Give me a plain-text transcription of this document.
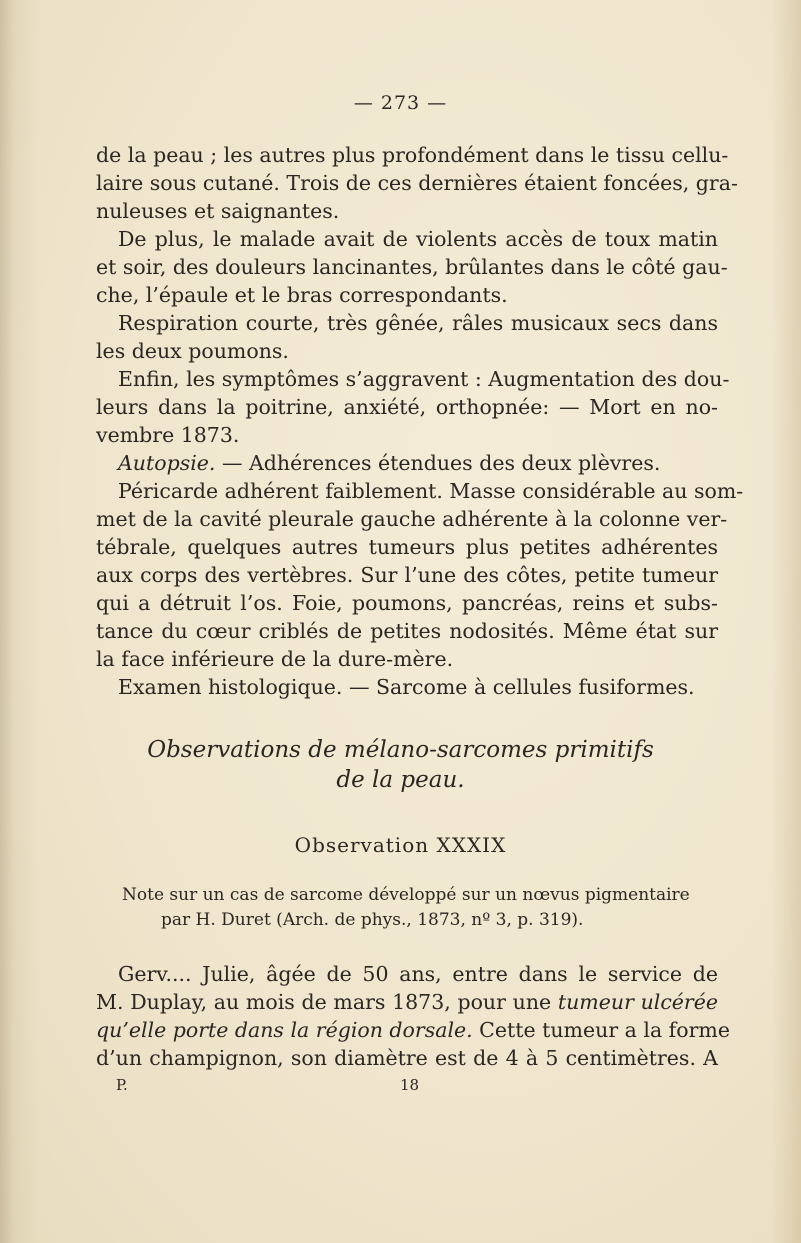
— 273 —
de la peau ; les autres plus profondément dans le tissu cellu-
laire sous cutané. Trois de ces dernières étaient foncées, gra-
nuleuses et saignantes.
De plus, le malade avait de violents accès de toux matin
et soir, des douleurs lancinantes, brûlantes dans le côté gau-
che, l’épaule et le bras correspondants.
Respiration courte, très gênée, râles musicaux secs dans
les deux poumons.
Enfin, les symptômes s’aggravent : Augmentation des dou-
leurs dans la poitrine, anxiété, orthopnée: — Mort en no-
vembre 1873.
Autopsie. — Adhérences étendues des deux plèvres.
Péricarde adhérent faiblement. Masse considérable au som-
met de la cavité pleurale gauche adhérente à la colonne ver-
tébrale, quelques autres tumeurs plus petites adhérentes
aux corps des vertèbres. Sur l’une des côtes, petite tumeur
qui a détruit l’os. Foie, poumons, pancréas, reins et subs-
tance du cœur criblés de petites nodosités. Même état sur
la face inférieure de la dure-mère.
Examen histologique. — Sarcome à cellules fusiformes.
Observations de mélano-sarcomes primitifs
de la peau.
Observation XXXIX
Note sur un cas de sarcome développé sur un nœvus pigmentaire
par H. Duret (Arch. de phys., 1873, nº 3, p. 319).
Gerv.... Julie, âgée de 50 ans, entre dans le service de
M. Duplay, au mois de mars 1873, pour une tumeur ulcérée
qu’elle porte dans la région dorsale. Cette tumeur a la forme
d’un champignon, son diamètre est de 4 à 5 centimètres. A
P.	18
